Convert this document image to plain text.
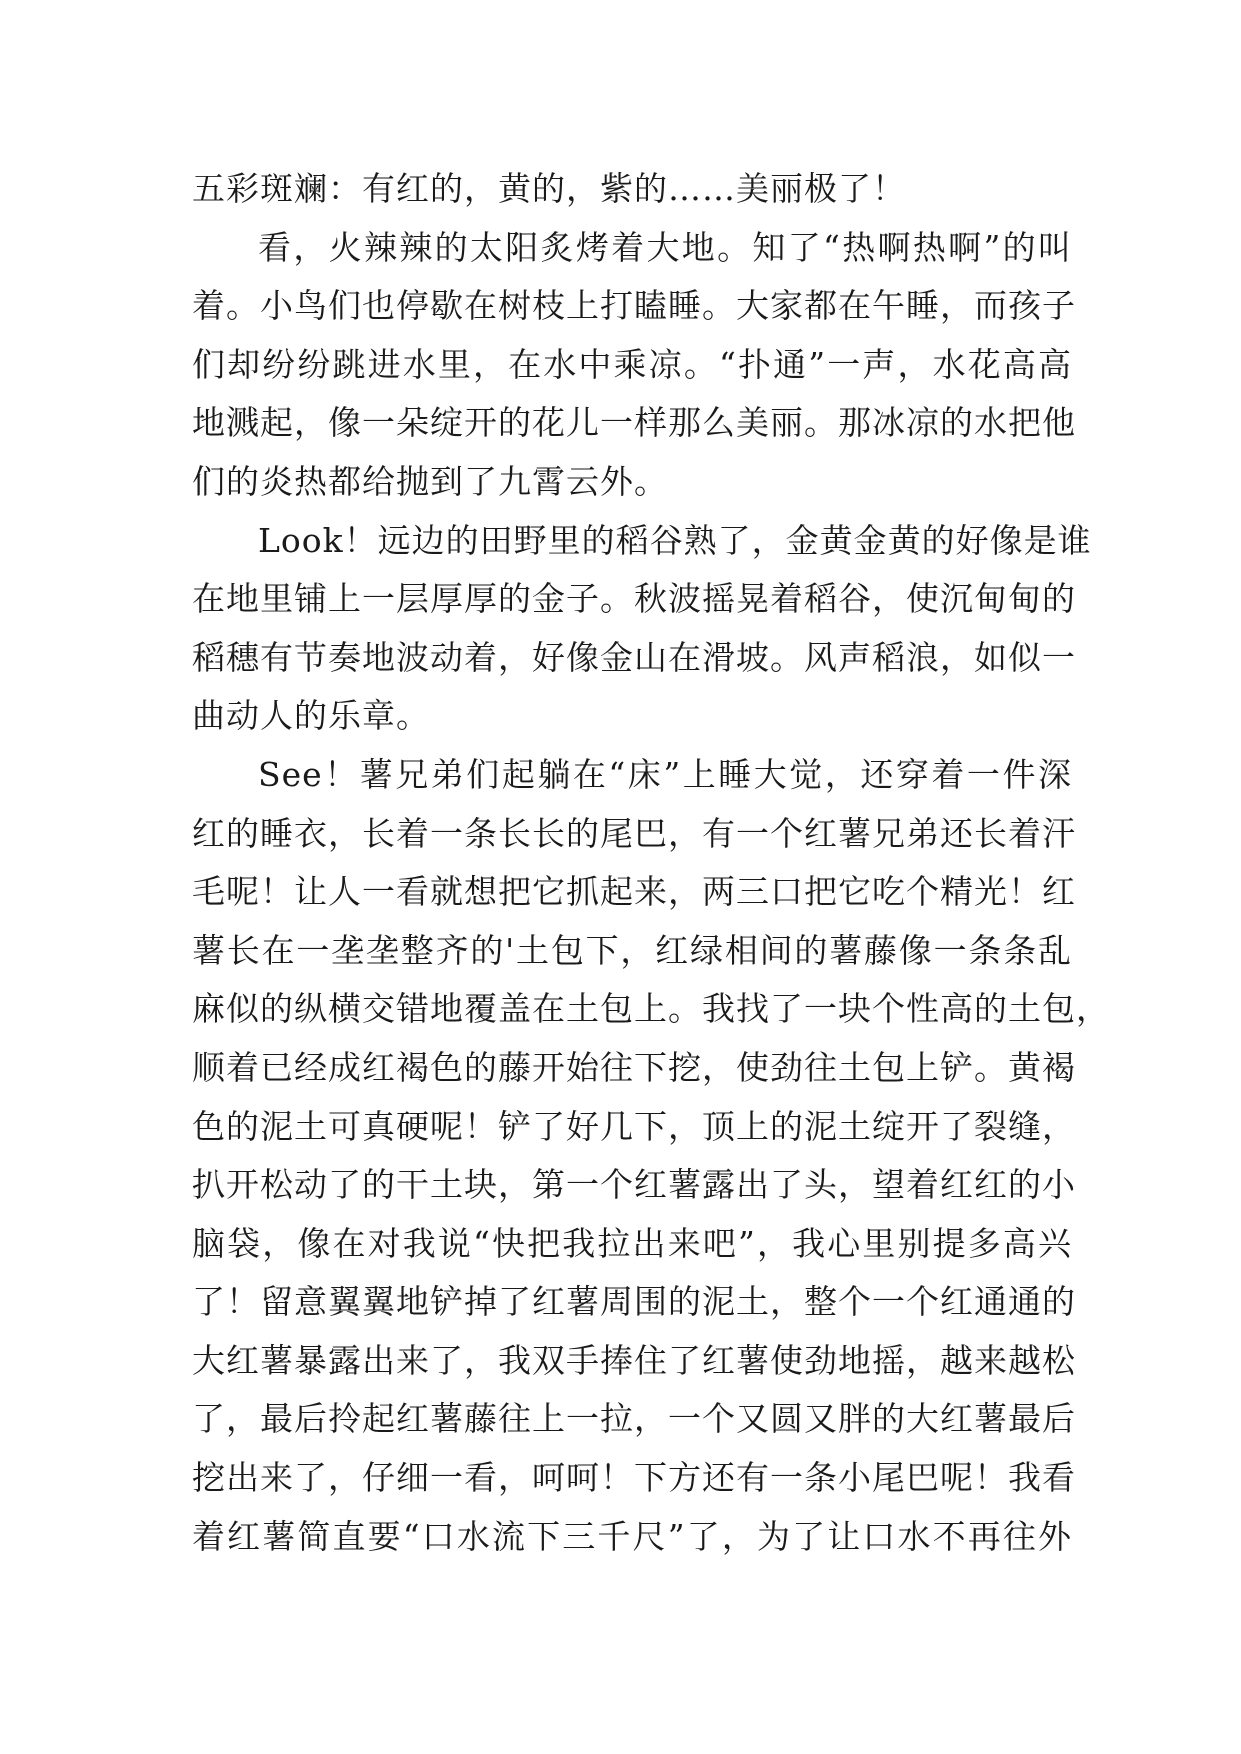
五彩斑斓：有红的，黄的，紫的……美丽极了！
看，火辣辣的太阳炙烤着大地。知了“热啊热啊”的叫
着。小鸟们也停歇在树枝上打瞌睡。大家都在午睡，而孩子
们却纷纷跳进水里，在水中乘凉。“扑通”一声，水花高高
地溅起，像一朵绽开的花儿一样那么美丽。那冰凉的水把他
们的炎热都给抛到了九霄云外。
Look！远边的田野里的稻谷熟了，金黄金黄的好像是谁
在地里铺上一层厚厚的金子。秋波摇晃着稻谷，使沉甸甸的
稻穗有节奏地波动着，好像金山在滑坡。风声稻浪，如似一
曲动人的乐章。
See！薯兄弟们起躺在“床”上睡大觉，还穿着一件深
红的睡衣，长着一条长长的尾巴，有一个红薯兄弟还长着汗
毛呢！让人一看就想把它抓起来，两三口把它吃个精光！红
薯长在一垄垄整齐的'土包下，红绿相间的薯藤像一条条乱
麻似的纵横交错地覆盖在土包上。我找了一块个性高的土包，
顺着已经成红褐色的藤开始往下挖，使劲往土包上铲。黄褐
色的泥土可真硬呢！铲了好几下，顶上的泥土绽开了裂缝，
扒开松动了的干土块，第一个红薯露出了头，望着红红的小
脑袋，像在对我说“快把我拉出来吧”，我心里别提多高兴
了！留意翼翼地铲掉了红薯周围的泥土，整个一个红通通的
大红薯暴露出来了，我双手捧住了红薯使劲地摇，越来越松
了，最后拎起红薯藤往上一拉，一个又圆又胖的大红薯最后
挖出来了，仔细一看，呵呵！下方还有一条小尾巴呢！我看
着红薯简直要“口水流下三千尺”了，为了让口水不再往外
